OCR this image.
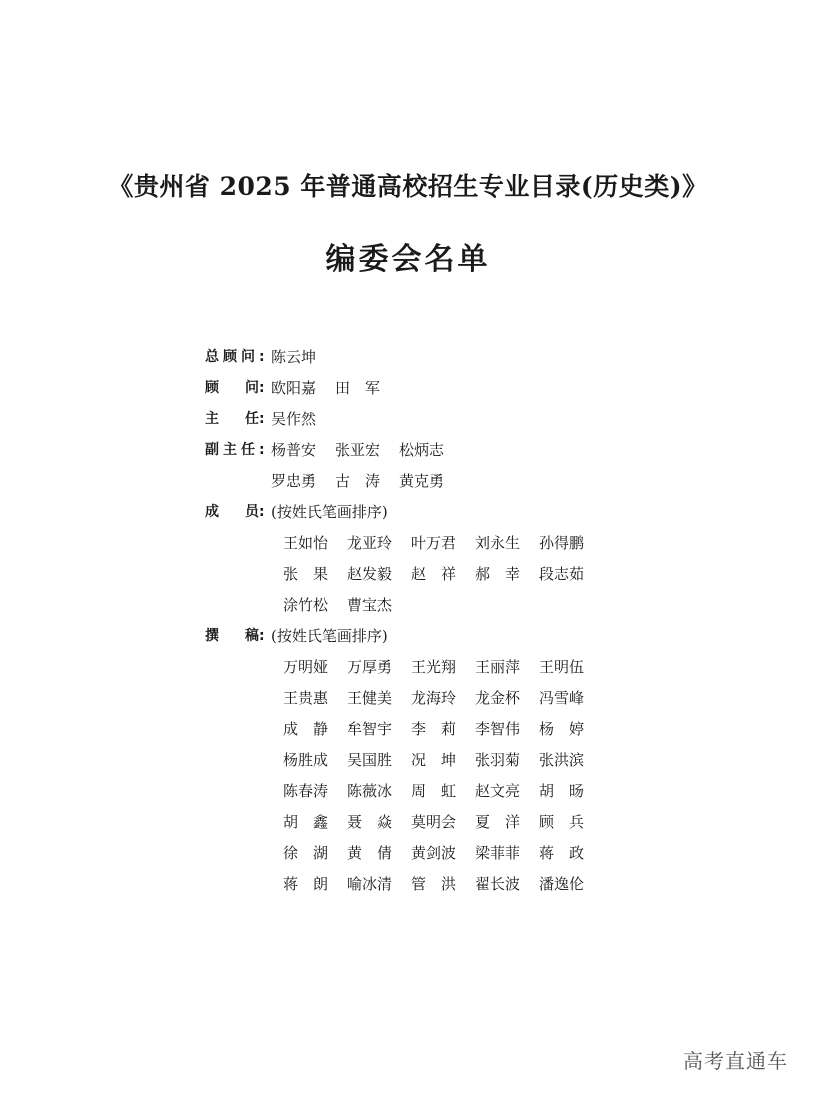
《贵州省 2025 年普通高校招生专业目录(历史类)》
编委会名单
总 顾 问 : 陈云坤
顾 问: 欧阳嘉 田　军
主 任: 吴作然
副 主 任 : 杨普安 张亚宏 松炳志
罗忠勇 古　涛 黄克勇
成 员: (按姓氏笔画排序)
王如怡 龙亚玲 叶万君 刘永生 孙得鹏
张　果 赵发毅 赵　祥 郝　幸 段志茹
涂竹松 曹宝杰
撰 稿: (按姓氏笔画排序)
万明娅 万厚勇 王光翔 王丽萍 王明伍
王贵惠 王健美 龙海玲 龙金杯 冯雪峰
成　静 牟智宇 李　莉 李智伟 杨　婷
杨胜成 吴国胜 况　坤 张羽菊 张洪滨
陈春涛 陈薇冰 周　虹 赵文亮 胡　旸
胡　鑫 聂　焱 莫明会 夏　洋 顾　兵
徐　湖 黄　倩 黄剑波 梁菲菲 蒋　政
蒋　朗 喻冰清 管　洪 翟长波 潘逸伦
高考直通车
